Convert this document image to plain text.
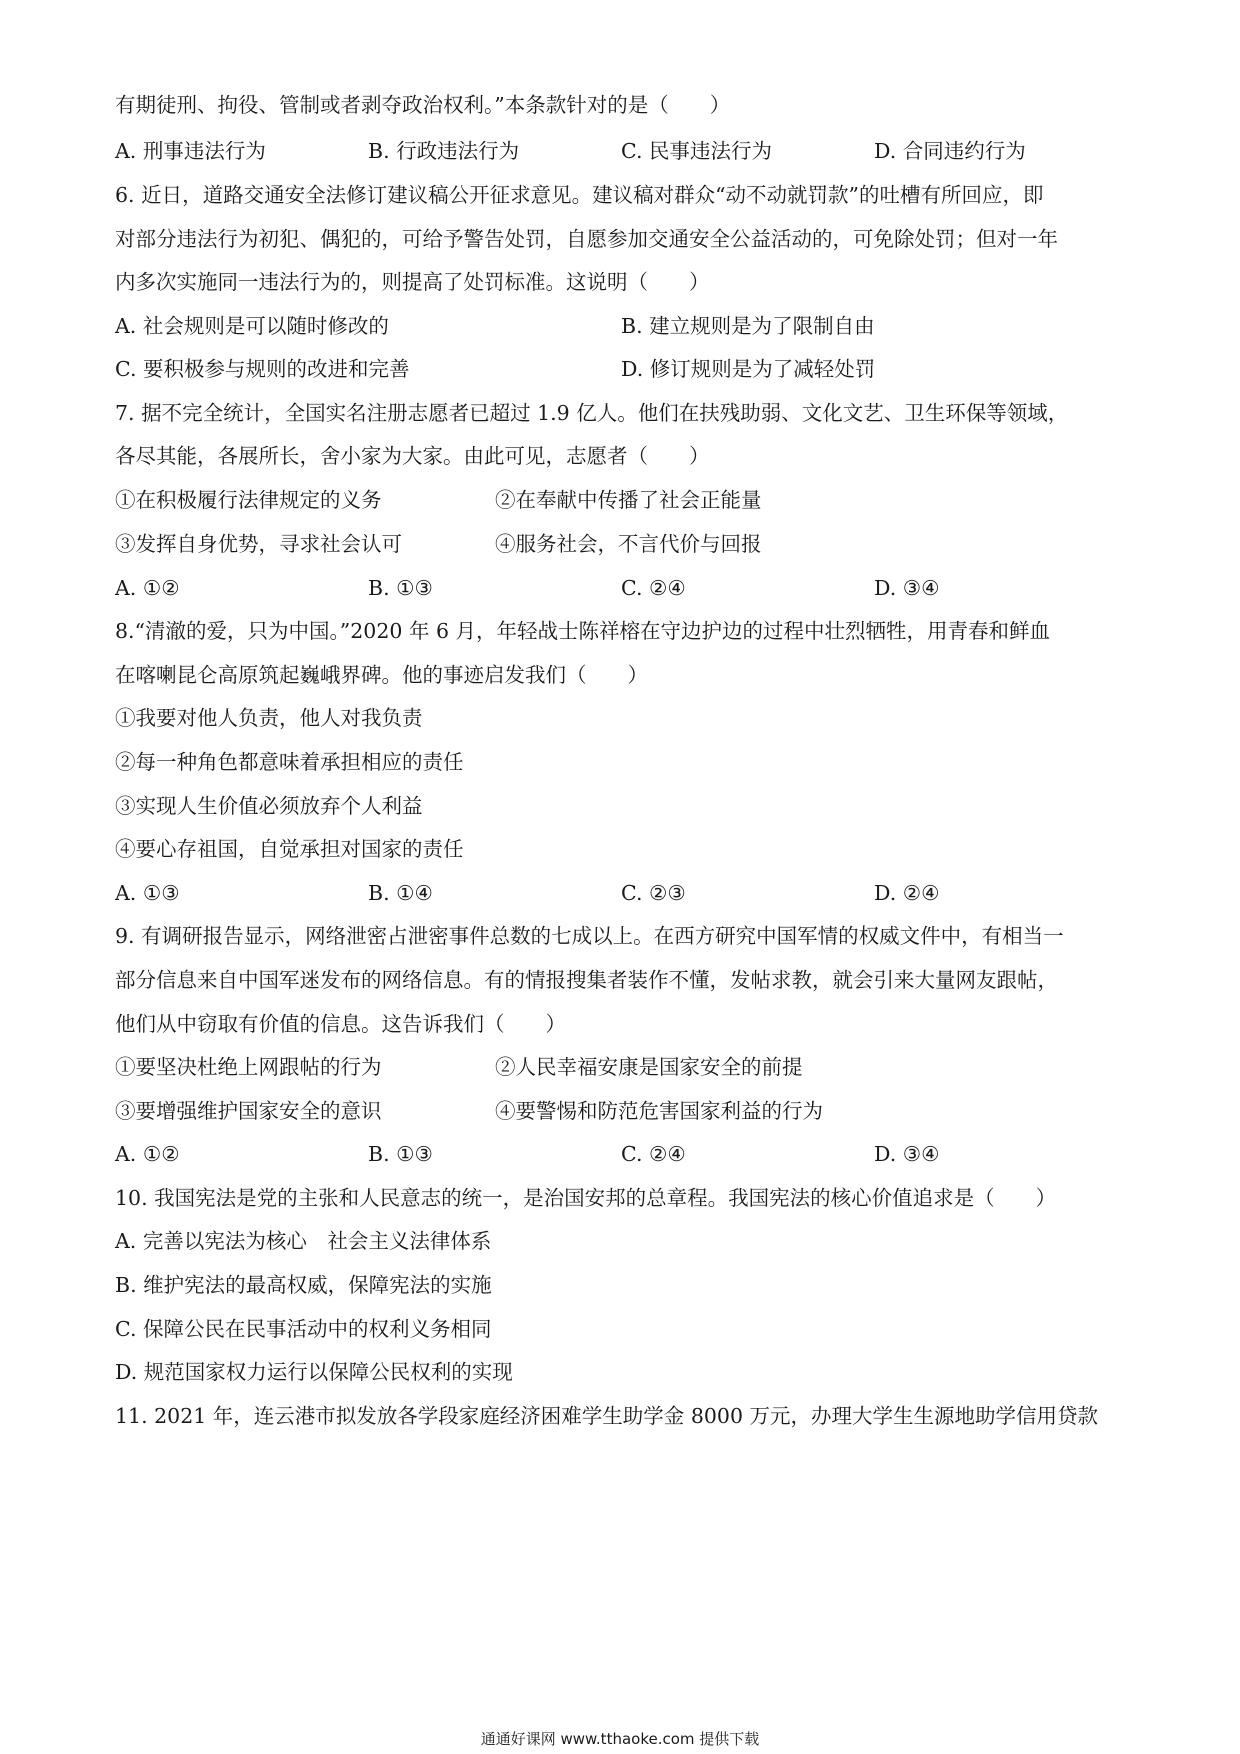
有期徒刑、拘役、管制或者剥夺政治权利。”本条款针对的是（　　）
A. 刑事违法行为	B. 行政违法行为	C. 民事违法行为	D. 合同违约行为
6. 近日，道路交通安全法修订建议稿公开征求意见。建议稿对群众“动不动就罚款”的吐槽有所回应，即
对部分违法行为初犯、偶犯的，可给予警告处罚，自愿参加交通安全公益活动的，可免除处罚；但对一年
内多次实施同一违法行为的，则提高了处罚标准。这说明（　　）
A. 社会规则是可以随时修改的	B. 建立规则是为了限制自由
C. 要积极参与规则的改进和完善	D. 修订规则是为了减轻处罚
7. 据不完全统计，全国实名注册志愿者已超过 1.9 亿人。他们在扶残助弱、文化文艺、卫生环保等领域，
各尽其能，各展所长，舍小家为大家。由此可见，志愿者（　　）
①在积极履行法律规定的义务	②在奉献中传播了社会正能量
③发挥自身优势，寻求社会认可	④服务社会，不言代价与回报
A. ①②	B. ①③	C. ②④	D. ③④
8.“清澈的爱，只为中国。”2020 年 6 月，年轻战士陈祥榕在守边护边的过程中壮烈牺牲，用青春和鲜血
在喀喇昆仑高原筑起巍峨界碑。他的事迹启发我们（　　）
①我要对他人负责，他人对我负责
②每一种角色都意味着承担相应的责任
③实现人生价值必须放弃个人利益
④要心存祖国，自觉承担对国家的责任
A. ①③	B. ①④	C. ②③	D. ②④
9. 有调研报告显示，网络泄密占泄密事件总数的七成以上。在西方研究中国军情的权威文件中，有相当一
部分信息来自中国军迷发布的网络信息。有的情报搜集者装作不懂，发帖求教，就会引来大量网友跟帖，
他们从中窃取有价值的信息。这告诉我们（　　）
①要坚决杜绝上网跟帖的行为	②人民幸福安康是国家安全的前提
③要增强维护国家安全的意识	④要警惕和防范危害国家利益的行为
A. ①②	B. ①③	C. ②④	D. ③④
10. 我国宪法是党的主张和人民意志的统一，是治国安邦的总章程。我国宪法的核心价值追求是（　　）
A. 完善以宪法为核心　社会主义法律体系
B. 维护宪法的最高权威，保障宪法的实施
C. 保障公民在民事活动中的权利义务相同
D. 规范国家权力运行以保障公民权利的实现
11. 2021 年，连云港市拟发放各学段家庭经济困难学生助学金 8000 万元，办理大学生生源地助学信用贷款
通通好课网 www.tthaoke.com 提供下载
